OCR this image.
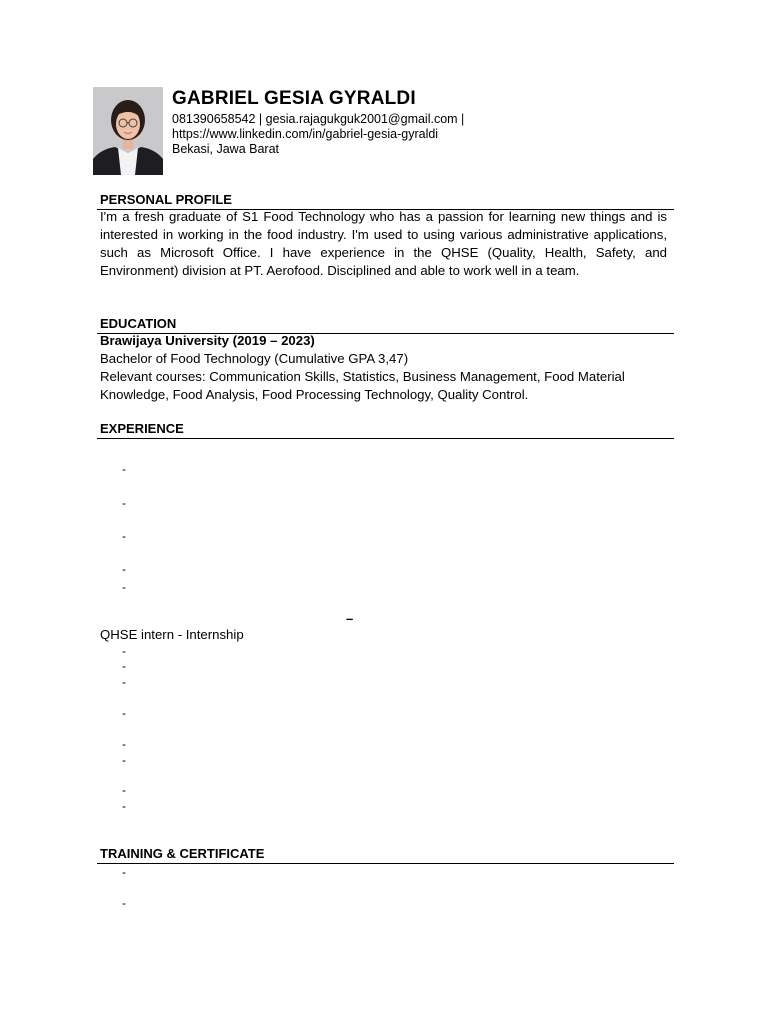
GABRIEL GESIA GYRALDI
081390658542 | gesia.rajagukguk2001@gmail.com |
https://www.linkedin.com/in/gabriel-gesia-gyraldi
Bekasi, Jawa Barat
PERSONAL PROFILE
I'm a fresh graduate of S1 Food Technology who has a passion for learning new things and is interested in working in the food industry. I'm used to using various administrative applications, such as Microsoft Office. I have experience in the QHSE (Quality, Health, Safety, and Environment) division at PT. Aerofood. Disciplined and able to work well in a team.
EDUCATION
Brawijaya University (2019 – 2023)
Bachelor of Food Technology (Cumulative GPA 3,47)
Relevant courses: Communication Skills, Statistics, Business Management, Food Material
Knowledge, Food Analysis, Food Processing Technology, Quality Control.
EXPERIENCE
-
-
-
-
-
–
QHSE intern - Internship
-
-
-
-
-
-
-
-
TRAINING & CERTIFICATE
-
-
